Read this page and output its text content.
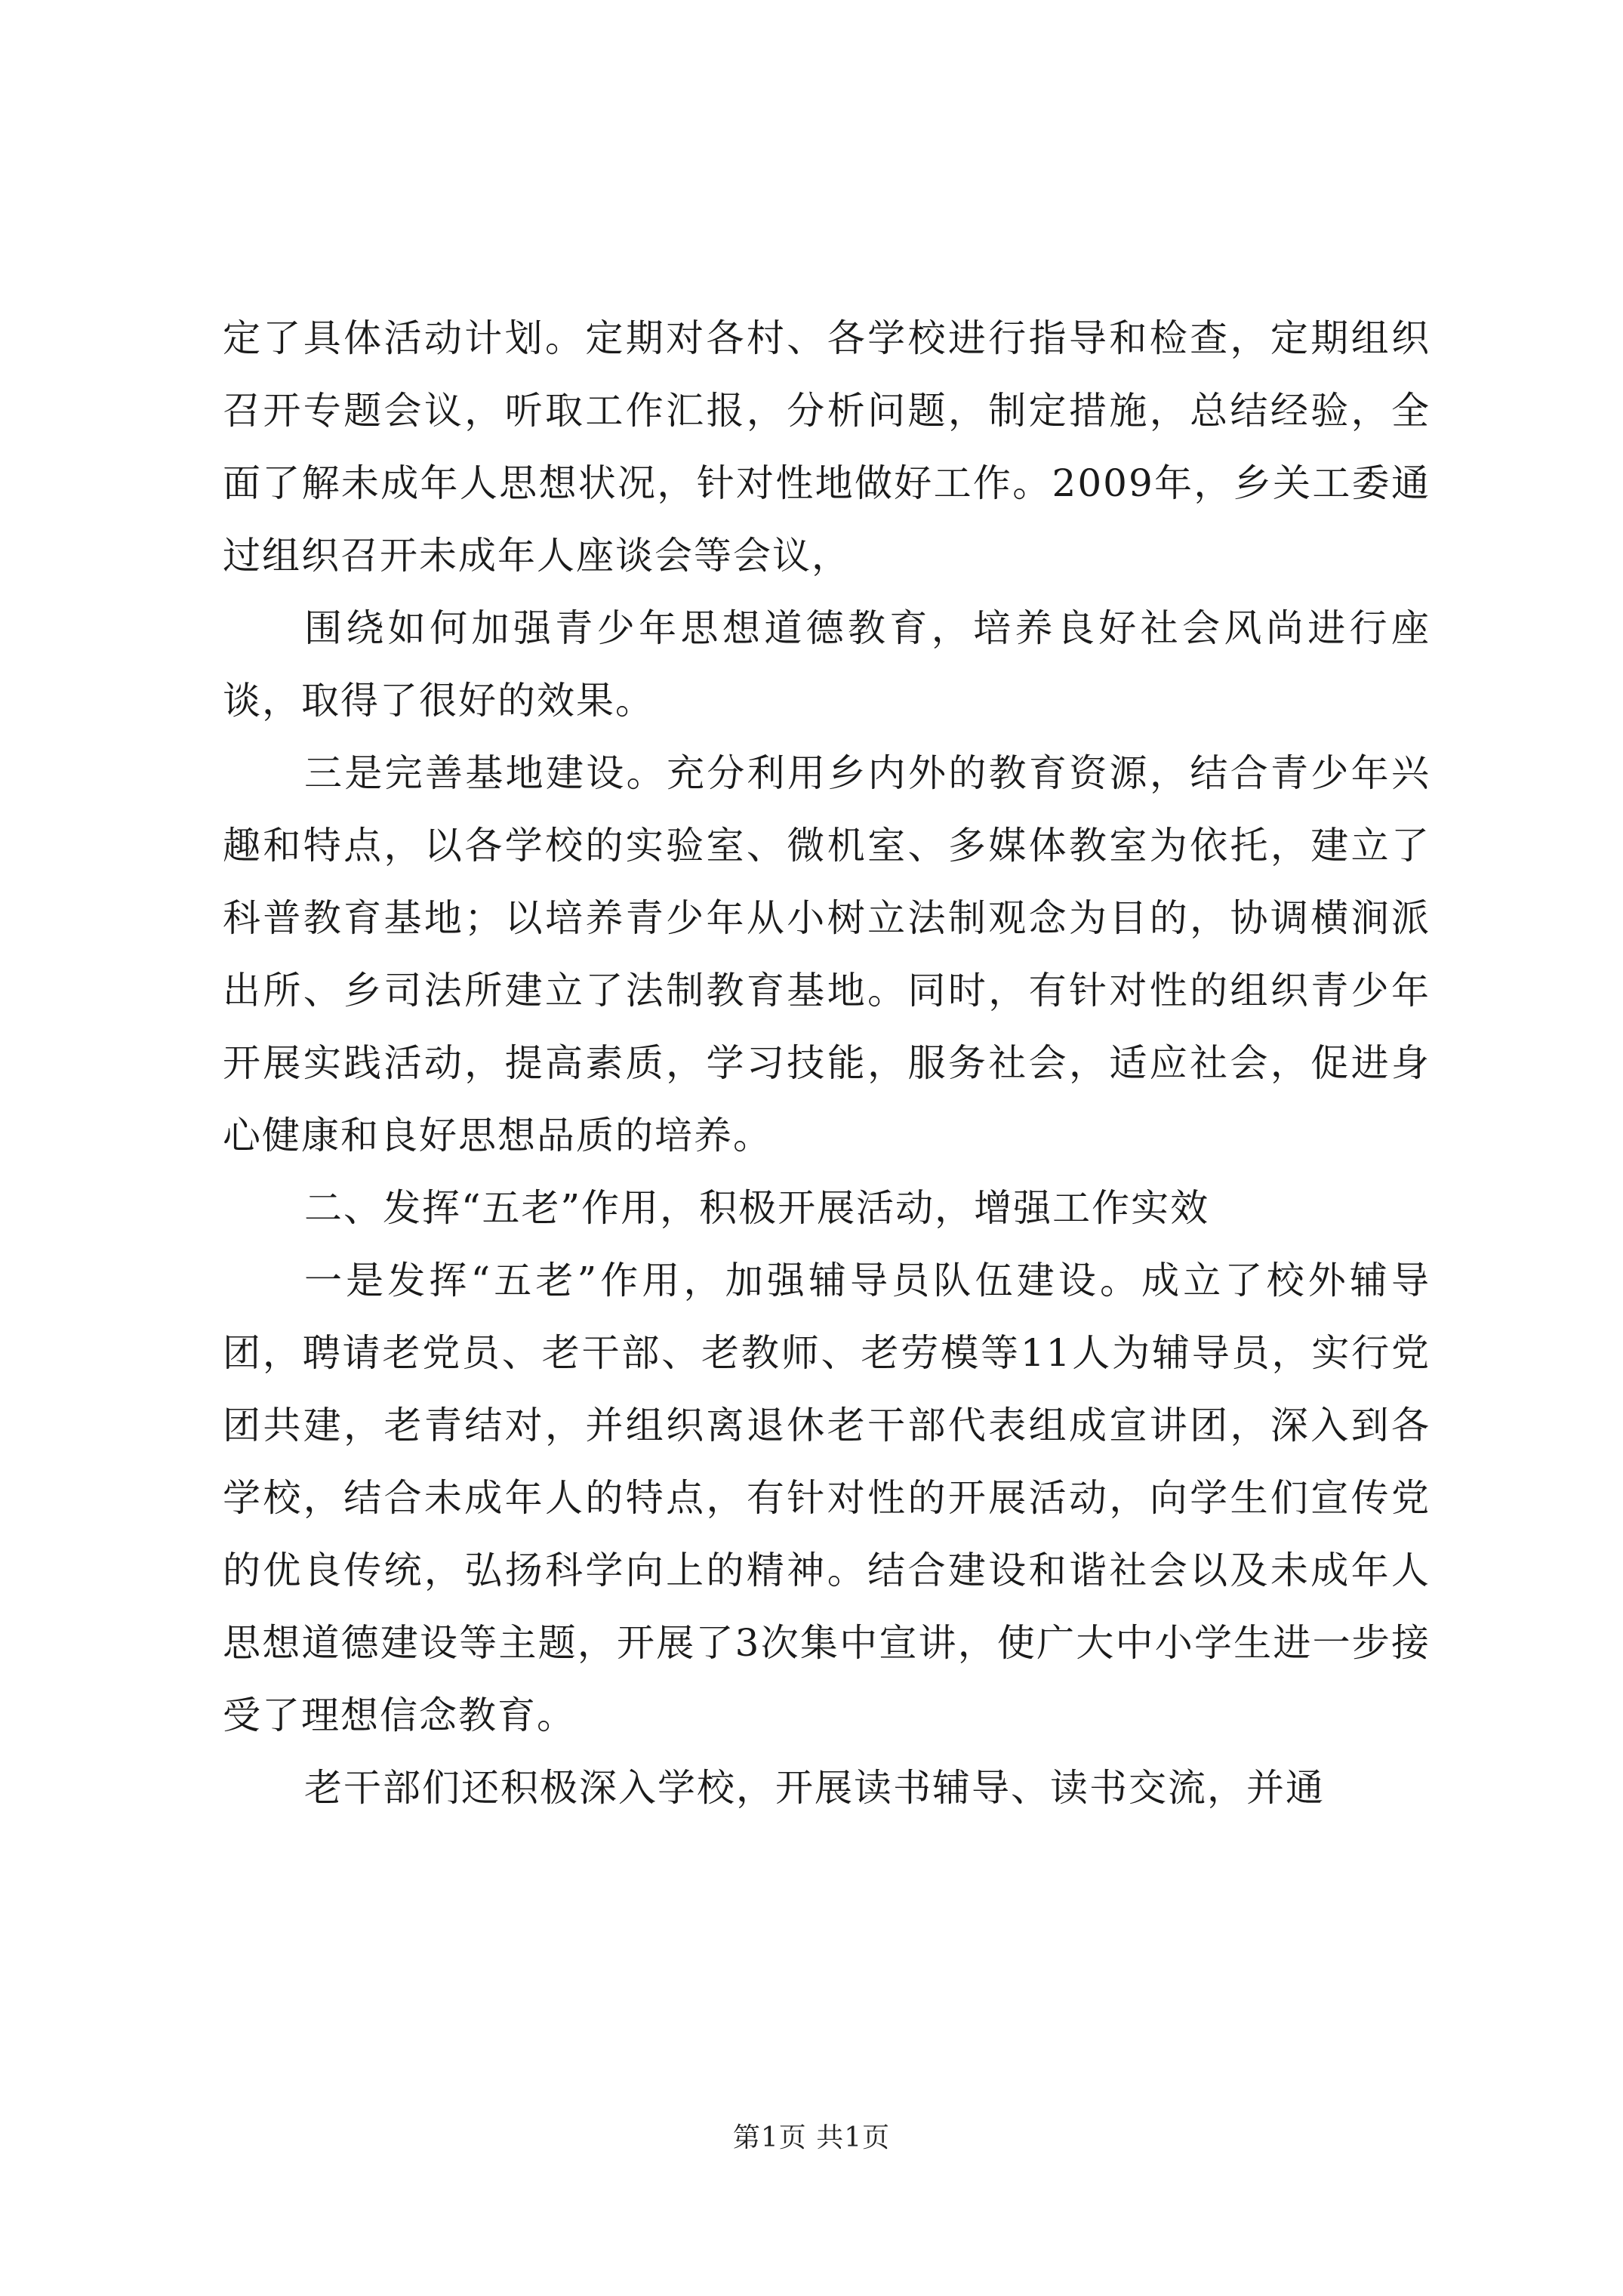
定了具体活动计划。定期对各村、各学校进行指导和检查，定期组织召开专题会议，听取工作汇报，分析问题，制定措施，总结经验，全面了解未成年人思想状况，针对性地做好工作。2009年，乡关工委通过组织召开未成年人座谈会等会议，

围绕如何加强青少年思想道德教育，培养良好社会风尚进行座谈，取得了很好的效果。

三是完善基地建设。充分利用乡内外的教育资源，结合青少年兴趣和特点，以各学校的实验室、微机室、多媒体教室为依托，建立了科普教育基地；以培养青少年从小树立法制观念为目的，协调横涧派出所、乡司法所建立了法制教育基地。同时，有针对性的组织青少年开展实践活动，提高素质，学习技能，服务社会，适应社会，促进身心健康和良好思想品质的培养。

二、发挥“五老”作用，积极开展活动，增强工作实效

一是发挥“五老”作用，加强辅导员队伍建设。成立了校外辅导团，聘请老党员、老干部、老教师、老劳模等11人为辅导员，实行党团共建，老青结对，并组织离退休老干部代表组成宣讲团，深入到各学校，结合未成年人的特点，有针对性的开展活动，向学生们宣传党的优良传统，弘扬科学向上的精神。结合建设和谐社会以及未成年人思想道德建设等主题，开展了3次集中宣讲，使广大中小学生进一步接受了理想信念教育。

老干部们还积极深入学校，开展读书辅导、读书交流，并通

第1页 共1页
